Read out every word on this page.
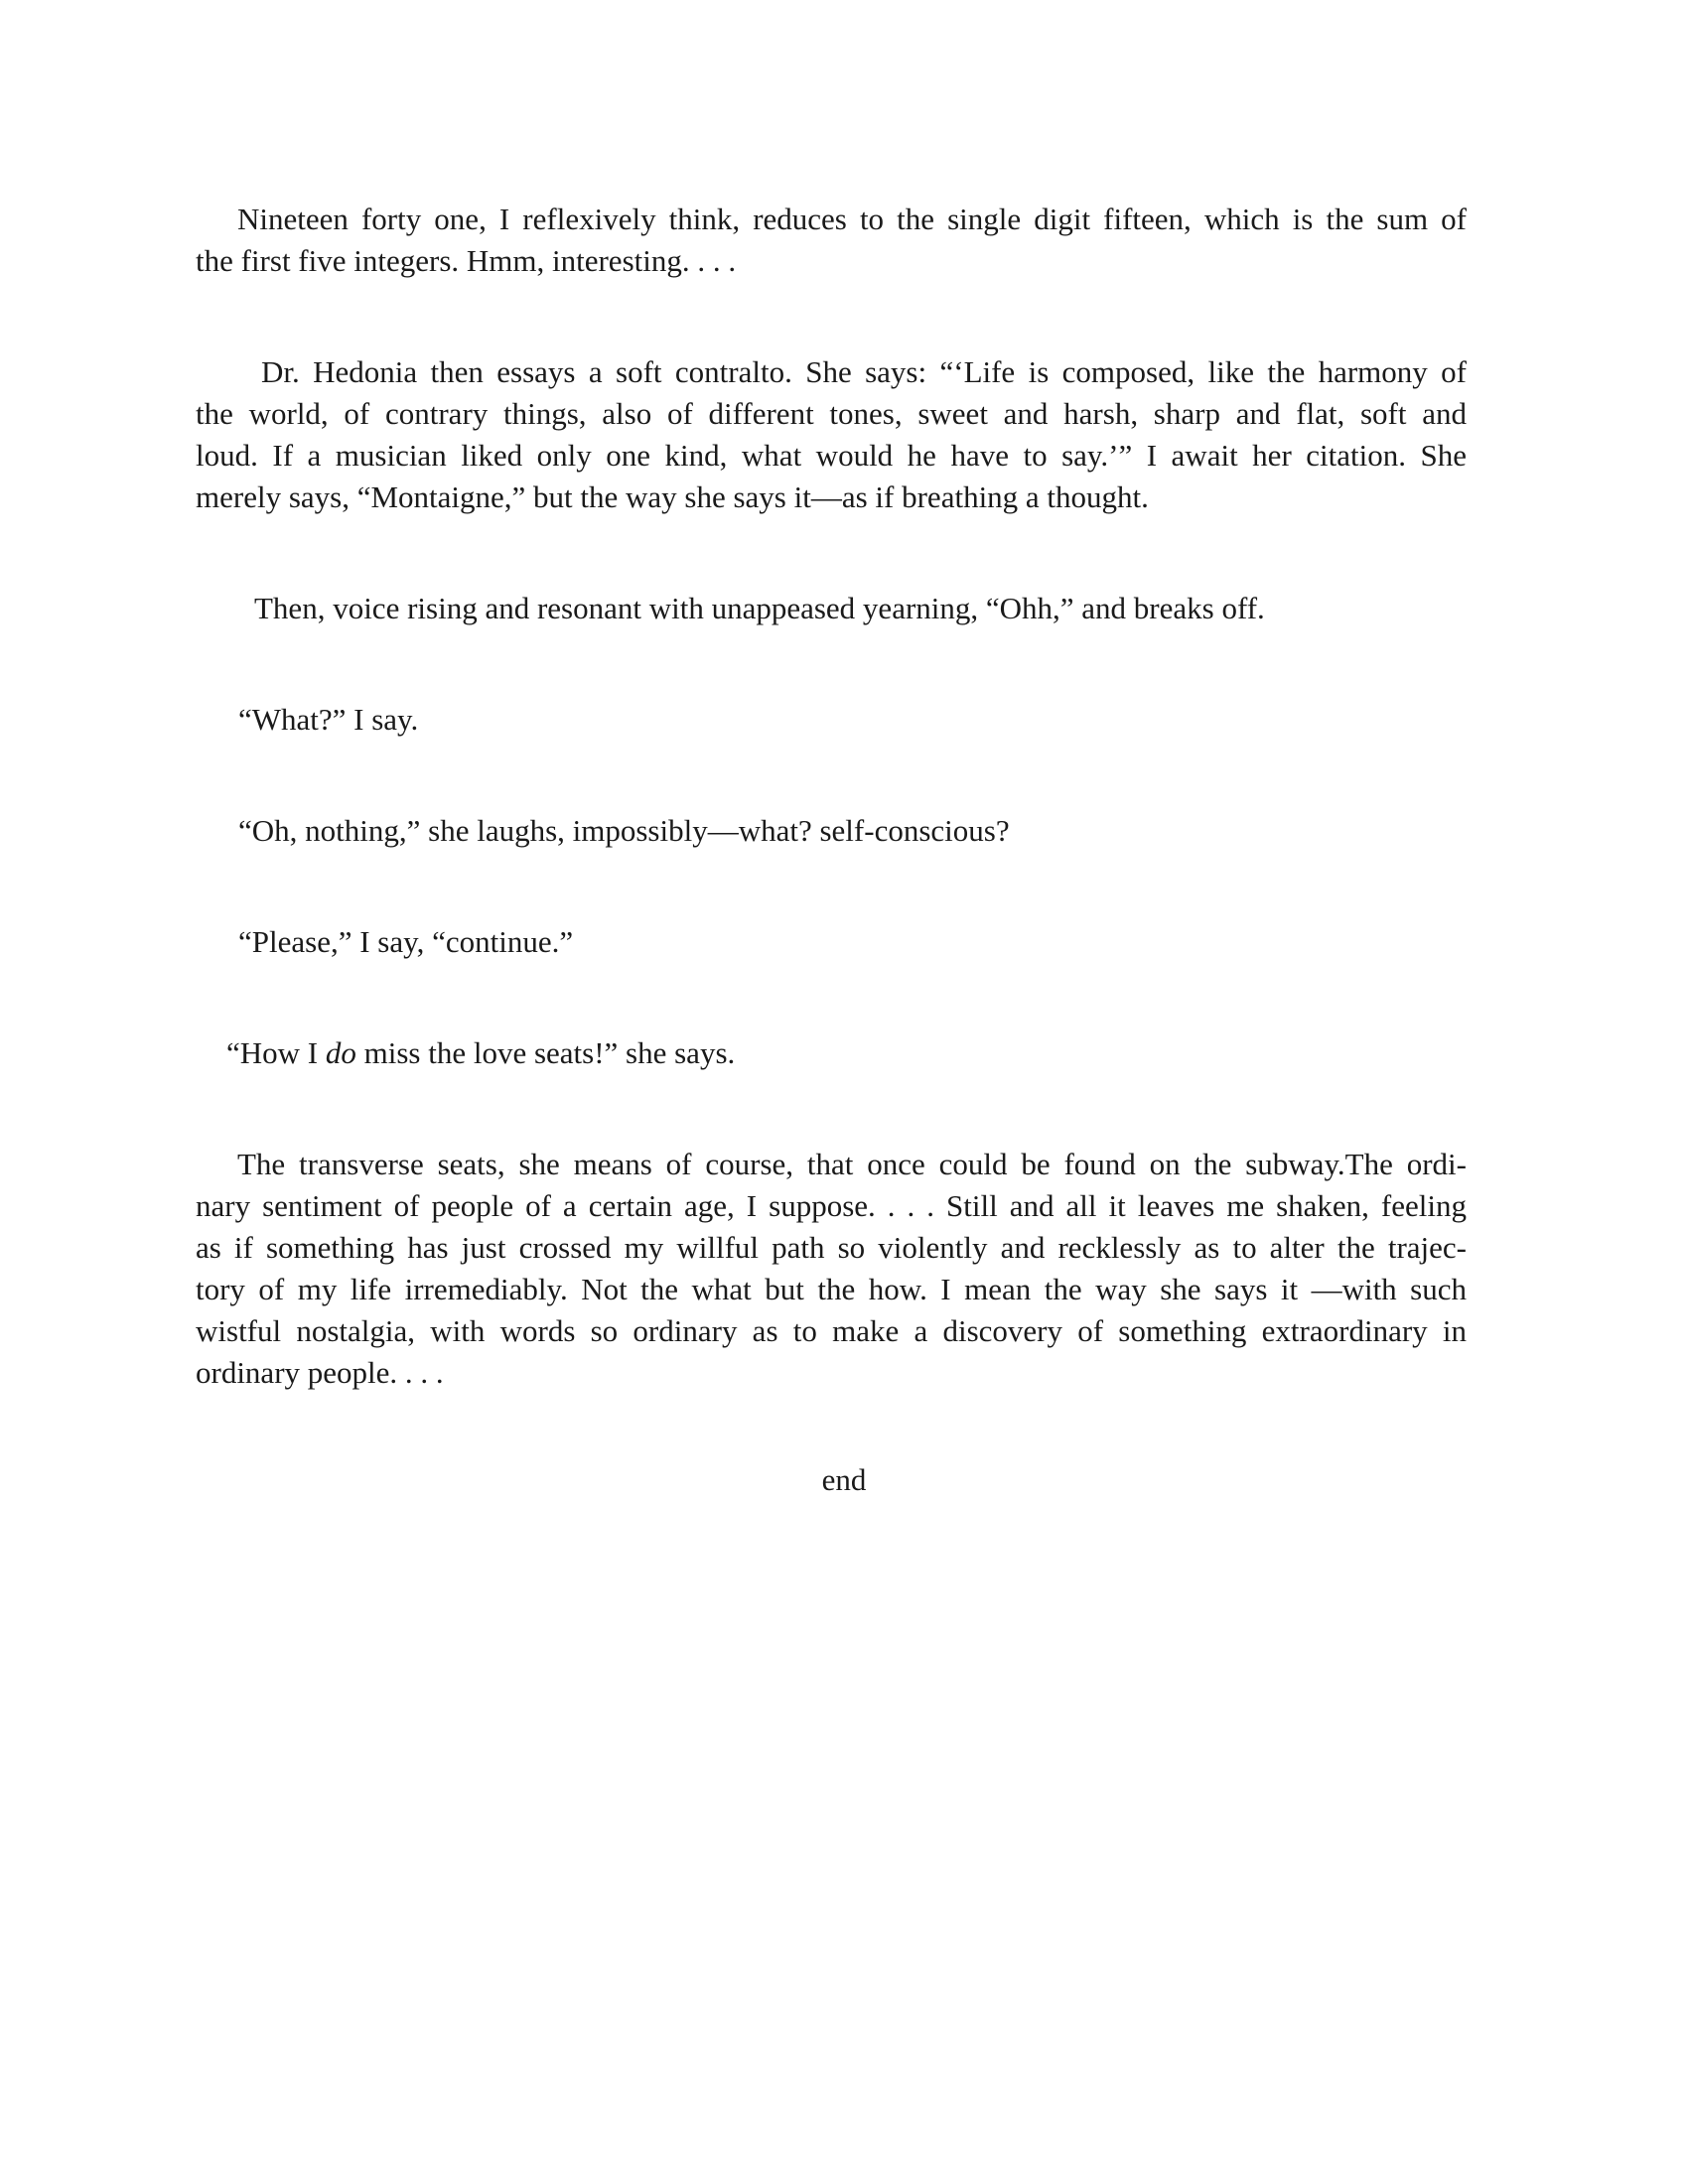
Nineteen forty one, I reflexively think, reduces to the single digit fifteen, which is the sum of
the first five integers. Hmm, interesting. . . .
Dr. Hedonia then essays a soft contralto. She says: “‘Life is composed, like the harmony of
the world, of contrary things, also of different tones, sweet and harsh, sharp and flat, soft and
loud. If a musician liked only one kind, what would he have to say.’” I await her citation. She
merely says, “Montaigne,” but the way she says it—as if breathing a thought.
Then, voice rising and resonant with unappeased yearning, “Ohh,” and breaks off.
“What?” I say.
“Oh, nothing,” she laughs, impossibly—what? self-conscious?
“Please,” I say, “continue.”
“How I do miss the love seats!” she says.
The transverse seats, she means of course, that once could be found on the subway.The ordi-
nary sentiment of people of a certain age, I suppose. . . . Still and all it leaves me shaken, feeling
as if something has just crossed my willful path so violently and recklessly as to alter the trajec-
tory of my life irremediably. Not the what but the how. I mean the way she says it —with such
wistful nostalgia, with words so ordinary as to make a discovery of something extraordinary in
ordinary people. . . .
end
